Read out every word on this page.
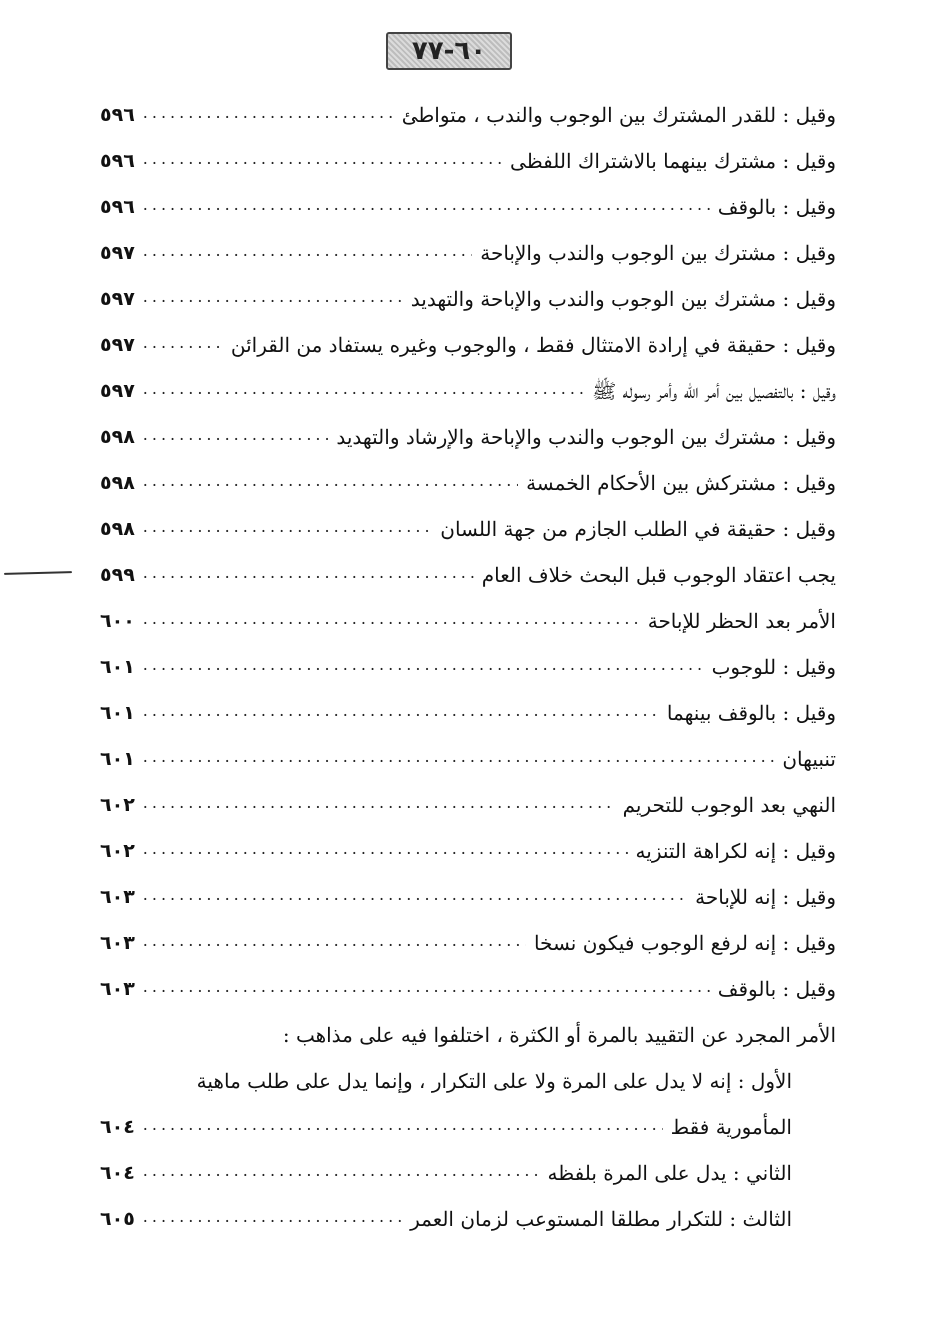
٦٠-٧٧
وقيل : للقدر المشترك بين الوجوب والندب ، متواطئ
.....
٥٩٦
وقيل : مشترك بينهما بالاشتراك اللفظى
.....
٥٩٦
وقيل : بالوقف
.....
٥٩٦
وقيل : مشترك بين الوجوب والندب والإباحة
.....
٥٩٧
وقيل : مشترك بين الوجوب والندب والإباحة والتهديد
.....
٥٩٧
وقيل : حقيقة في إرادة الامتثال فقط ، والوجوب وغيره يستفاد من القرائن
.....
٥٩٧
وقيل : بالتفصيل بين أمر الله وأمر رسوله ﷺ
.....
٥٩٧
وقيل : مشترك بين الوجوب والندب والإباحة والإرشاد والتهديد
.....
٥٩٨
وقيل : مشتركش بين الأحكام الخمسة
.....
٥٩٨
وقيل : حقيقة في الطلب الجازم من جهة اللسان
.....
٥٩٨
يجب اعتقاد الوجوب قبل البحث خلاف العام
.....
٥٩٩
الأمر بعد الحظر للإباحة
.....
٦٠٠
وقيل : للوجوب
.....
٦٠١
وقيل : بالوقف بينهما
.....
٦٠١
تنبيهان
.....
٦٠١
النهي بعد الوجوب للتحريم
.....
٦٠٢
وقيل : إنه لكراهة التنزيه
.....
٦٠٢
وقيل : إنه للإباحة
.....
٦٠٣
وقيل : إنه لرفع الوجوب فيكون نسخا
.....
٦٠٣
وقيل : بالوقف
.....
٦٠٣
الأمر المجرد عن التقييد بالمرة أو الكثرة ، اختلفوا فيه على مذاهب :
الأول : إنه لا يدل على المرة ولا على التكرار ، وإنما يدل على طلب ماهية
المأمورية فقط
.....
٦٠٤
الثاني : يدل على المرة بلفظه
.....
٦٠٤
الثالث : للتكرار مطلقا المستوعب لزمان العمر
.....
٦٠٥
